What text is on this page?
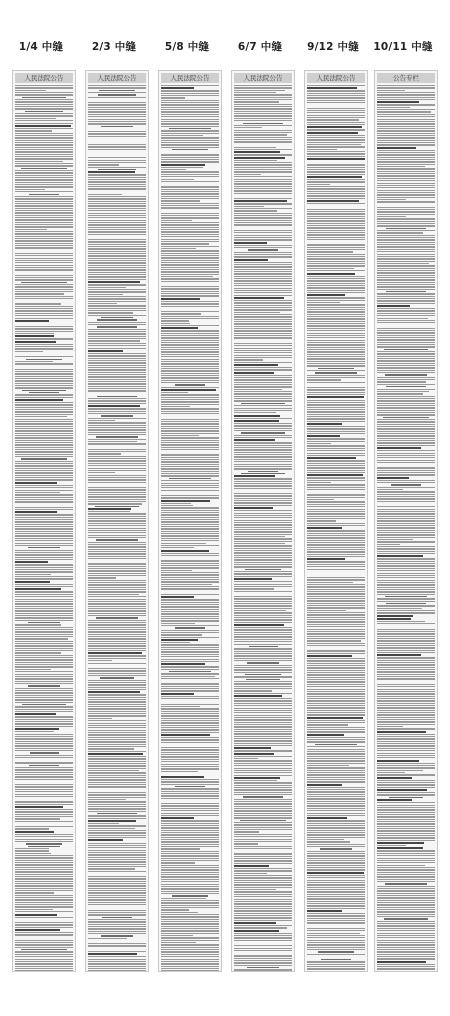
1/4 中缝
人民法院公告
2/3 中缝
人民法院公告
5/8 中缝
人民法院公告
6/7 中缝
人民法院公告
9/12 中缝
人民法院公告
10/11 中缝
公告专栏
